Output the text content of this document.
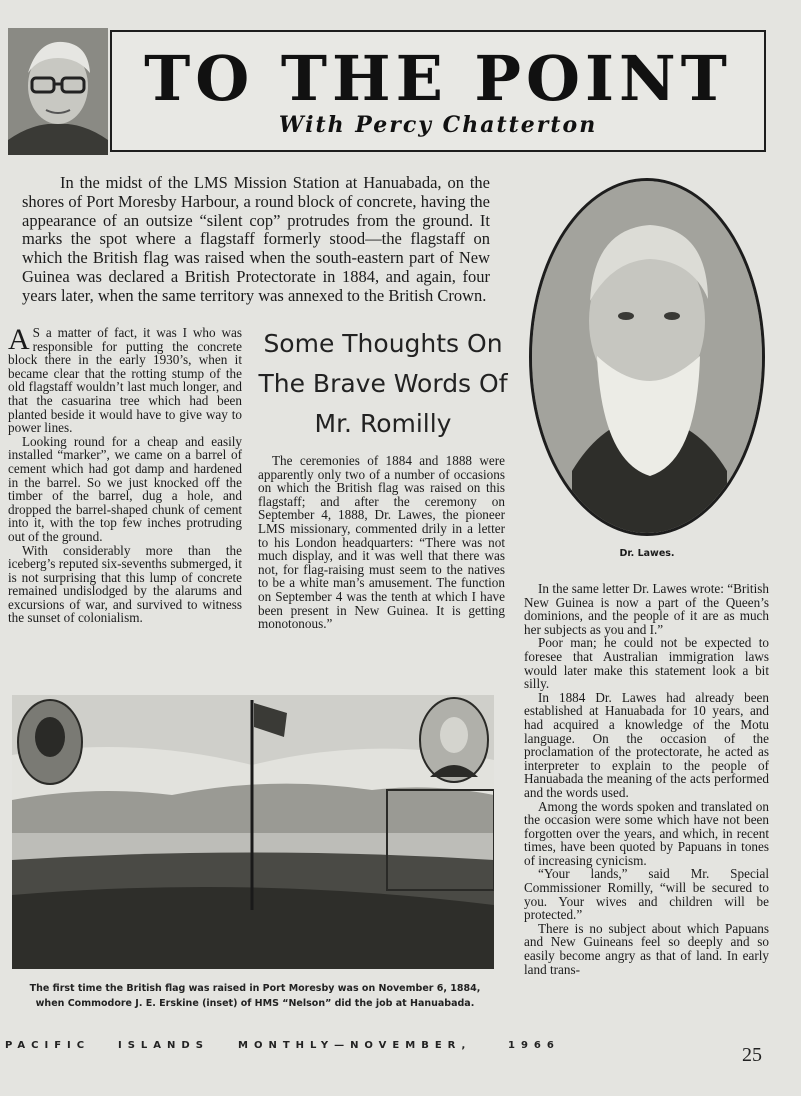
TO THE POINT
With Percy Chatterton

In the midst of the LMS Mission Station at Hanuabada, on the shores of Port Moresby Harbour, a round block of concrete, having the appearance of an outsize “silent cop” protrudes from the ground. It marks the spot where a flagstaff formerly stood—the flagstaff on which the British flag was raised when the south-eastern part of New Guinea was declared a British Protectorate in 1884, and again, four years later, when the same territory was annexed to the British Crown.

A S a matter of fact, it was I who was responsible for putting the concrete block there in the early 1930’s, when it became clear that the rotting stump of the old flagstaff wouldn’t last much longer, and that the casuarina tree which had been planted beside it would have to give way to power lines.

Looking round for a cheap and easily installed “marker”, we came on a barrel of cement which had got damp and hardened in the barrel. So we just knocked off the timber of the barrel, dug a hole, and dropped the barrel-shaped chunk of cement into it, with the top few inches protruding out of the ground.

With considerably more than the iceberg’s reputed six-sevenths submerged, it is not surprising that this lump of concrete remained undislodged by the alarums and excursions of war, and survived to witness the sunset of colonialism.

Some Thoughts On The Brave Words Of Mr. Romilly

The ceremonies of 1884 and 1888 were apparently only two of a number of occasions on which the British flag was raised on this flagstaff; and after the ceremony on September 4, 1888, Dr. Lawes, the pioneer LMS missionary, commented drily in a letter to his London headquarters: “There was not much display, and it was well that there was not, for flag-raising must seem to the natives to be a white man’s amusement. The function on September 4 was the tenth at which I have been present in New Guinea. It is getting monotonous.”

Dr. Lawes.

In the same letter Dr. Lawes wrote: “British New Guinea is now a part of the Queen’s dominions, and the people of it are as much her subjects as you and I.”

Poor man; he could not be expected to foresee that Australian immigration laws would later make this statement look a bit silly.

In 1884 Dr. Lawes had already been established at Hanuabada for 10 years, and had acquired a knowledge of the Motu language. On the occasion of the proclamation of the protectorate, he acted as interpreter to explain to the people of Hanuabada the meaning of the acts performed and the words used.

Among the words spoken and translated on the occasion were some which have not been forgotten over the years, and which, in recent times, have been quoted by Papuans in tones of increasing cynicism.

“Your lands,” said Mr. Special Commissioner Romilly, “will be secured to you. Your wives and children will be protected.”

There is no subject about which Papuans and New Guineans feel so deeply and so easily become angry as that of land. In early land trans-

The first time the British flag was raised in Port Moresby was on November 6, 1884, when Commodore J. E. Erskine (inset) of HMS “Nelson” did the job at Hanuabada.
PACIFIC	ISLANDS	MONTHLY—NOVEMBER,	1966	25
